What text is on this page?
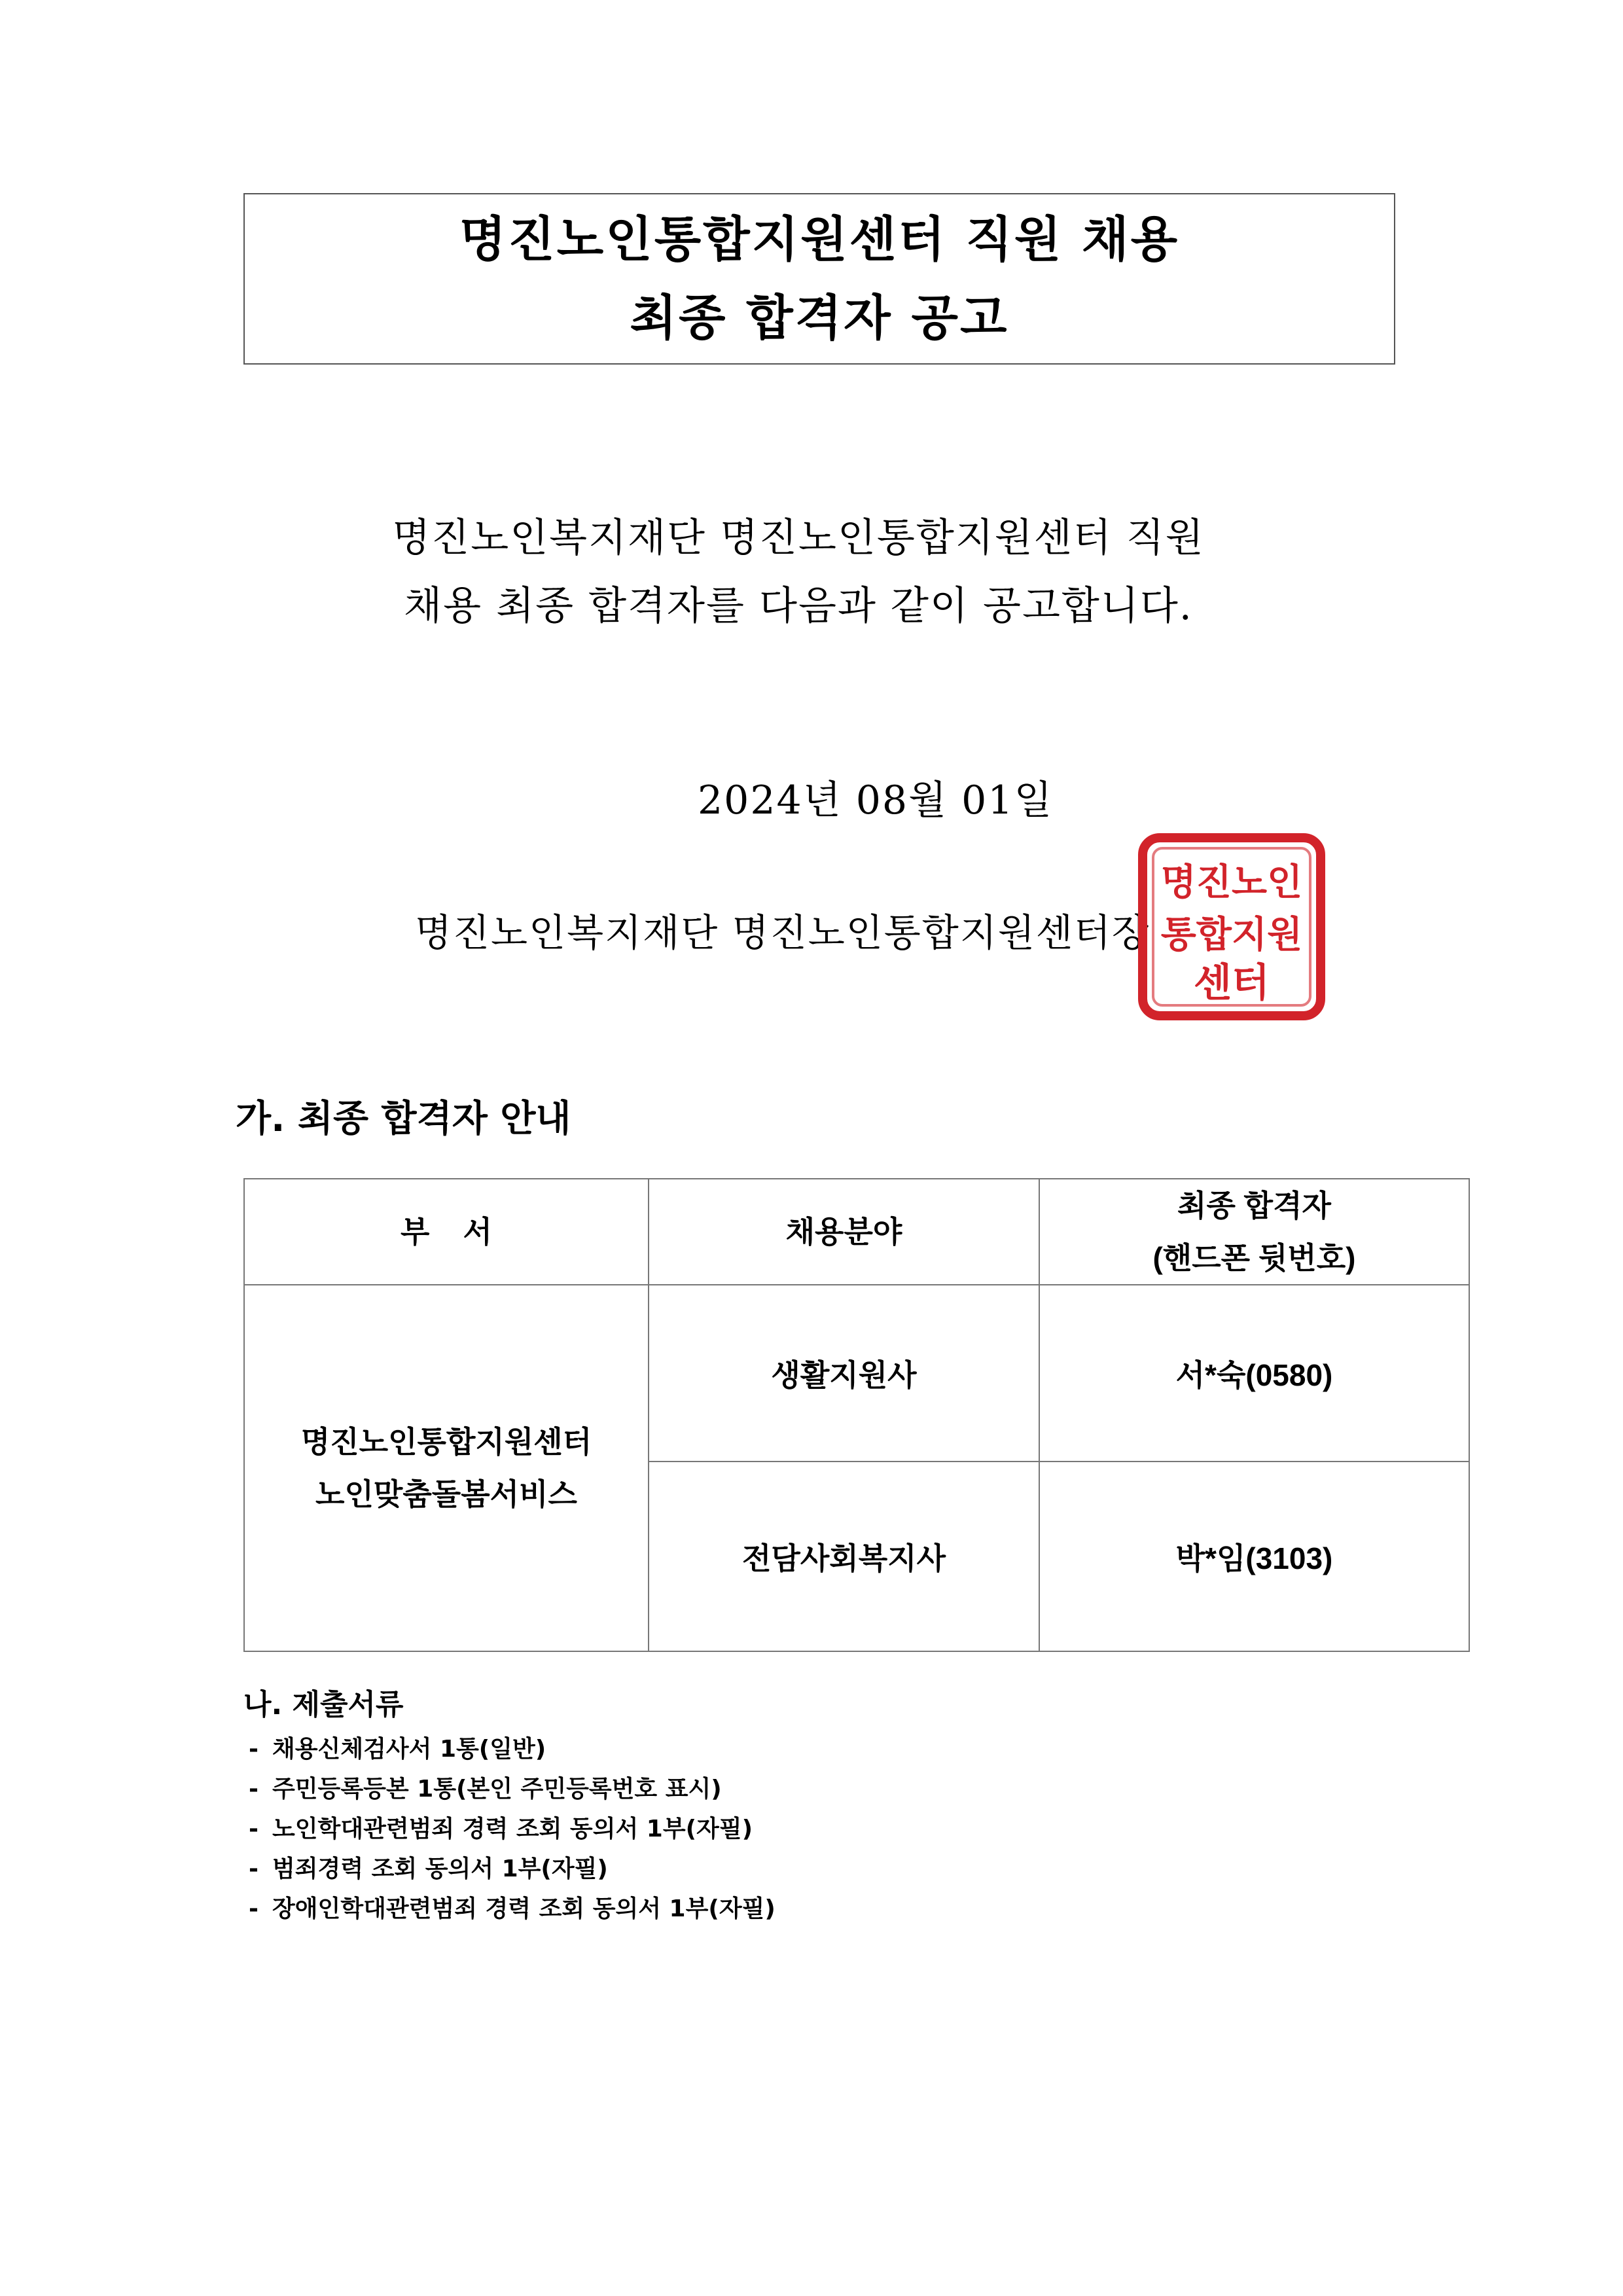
명진노인통합지원센터 직원 채용
최종 합격자 공고
명진노인복지재단 명진노인통합지원센터 직원
채용 최종 합격자를 다음과 같이 공고합니다.
2024년 08월 01일
명진노인복지재단 명진노인통합지원센터장
명진노인
통합지원
센터
가. 최종 합격자 안내
부    서	채용분야	최종 합격자
(핸드폰 뒷번호)

명진노인통합지원센터
노인맞춤돌봄서비스	생활지원사	서*숙(0580)
	전담사회복지사	박*임(3103)
나. 제출서류
- 채용신체검사서 1통(일반)
- 주민등록등본 1통(본인 주민등록번호 표시)
- 노인학대관련범죄 경력 조회 동의서 1부(자필)
- 범죄경력 조회 동의서 1부(자필)
- 장애인학대관련범죄 경력 조회 동의서 1부(자필)
